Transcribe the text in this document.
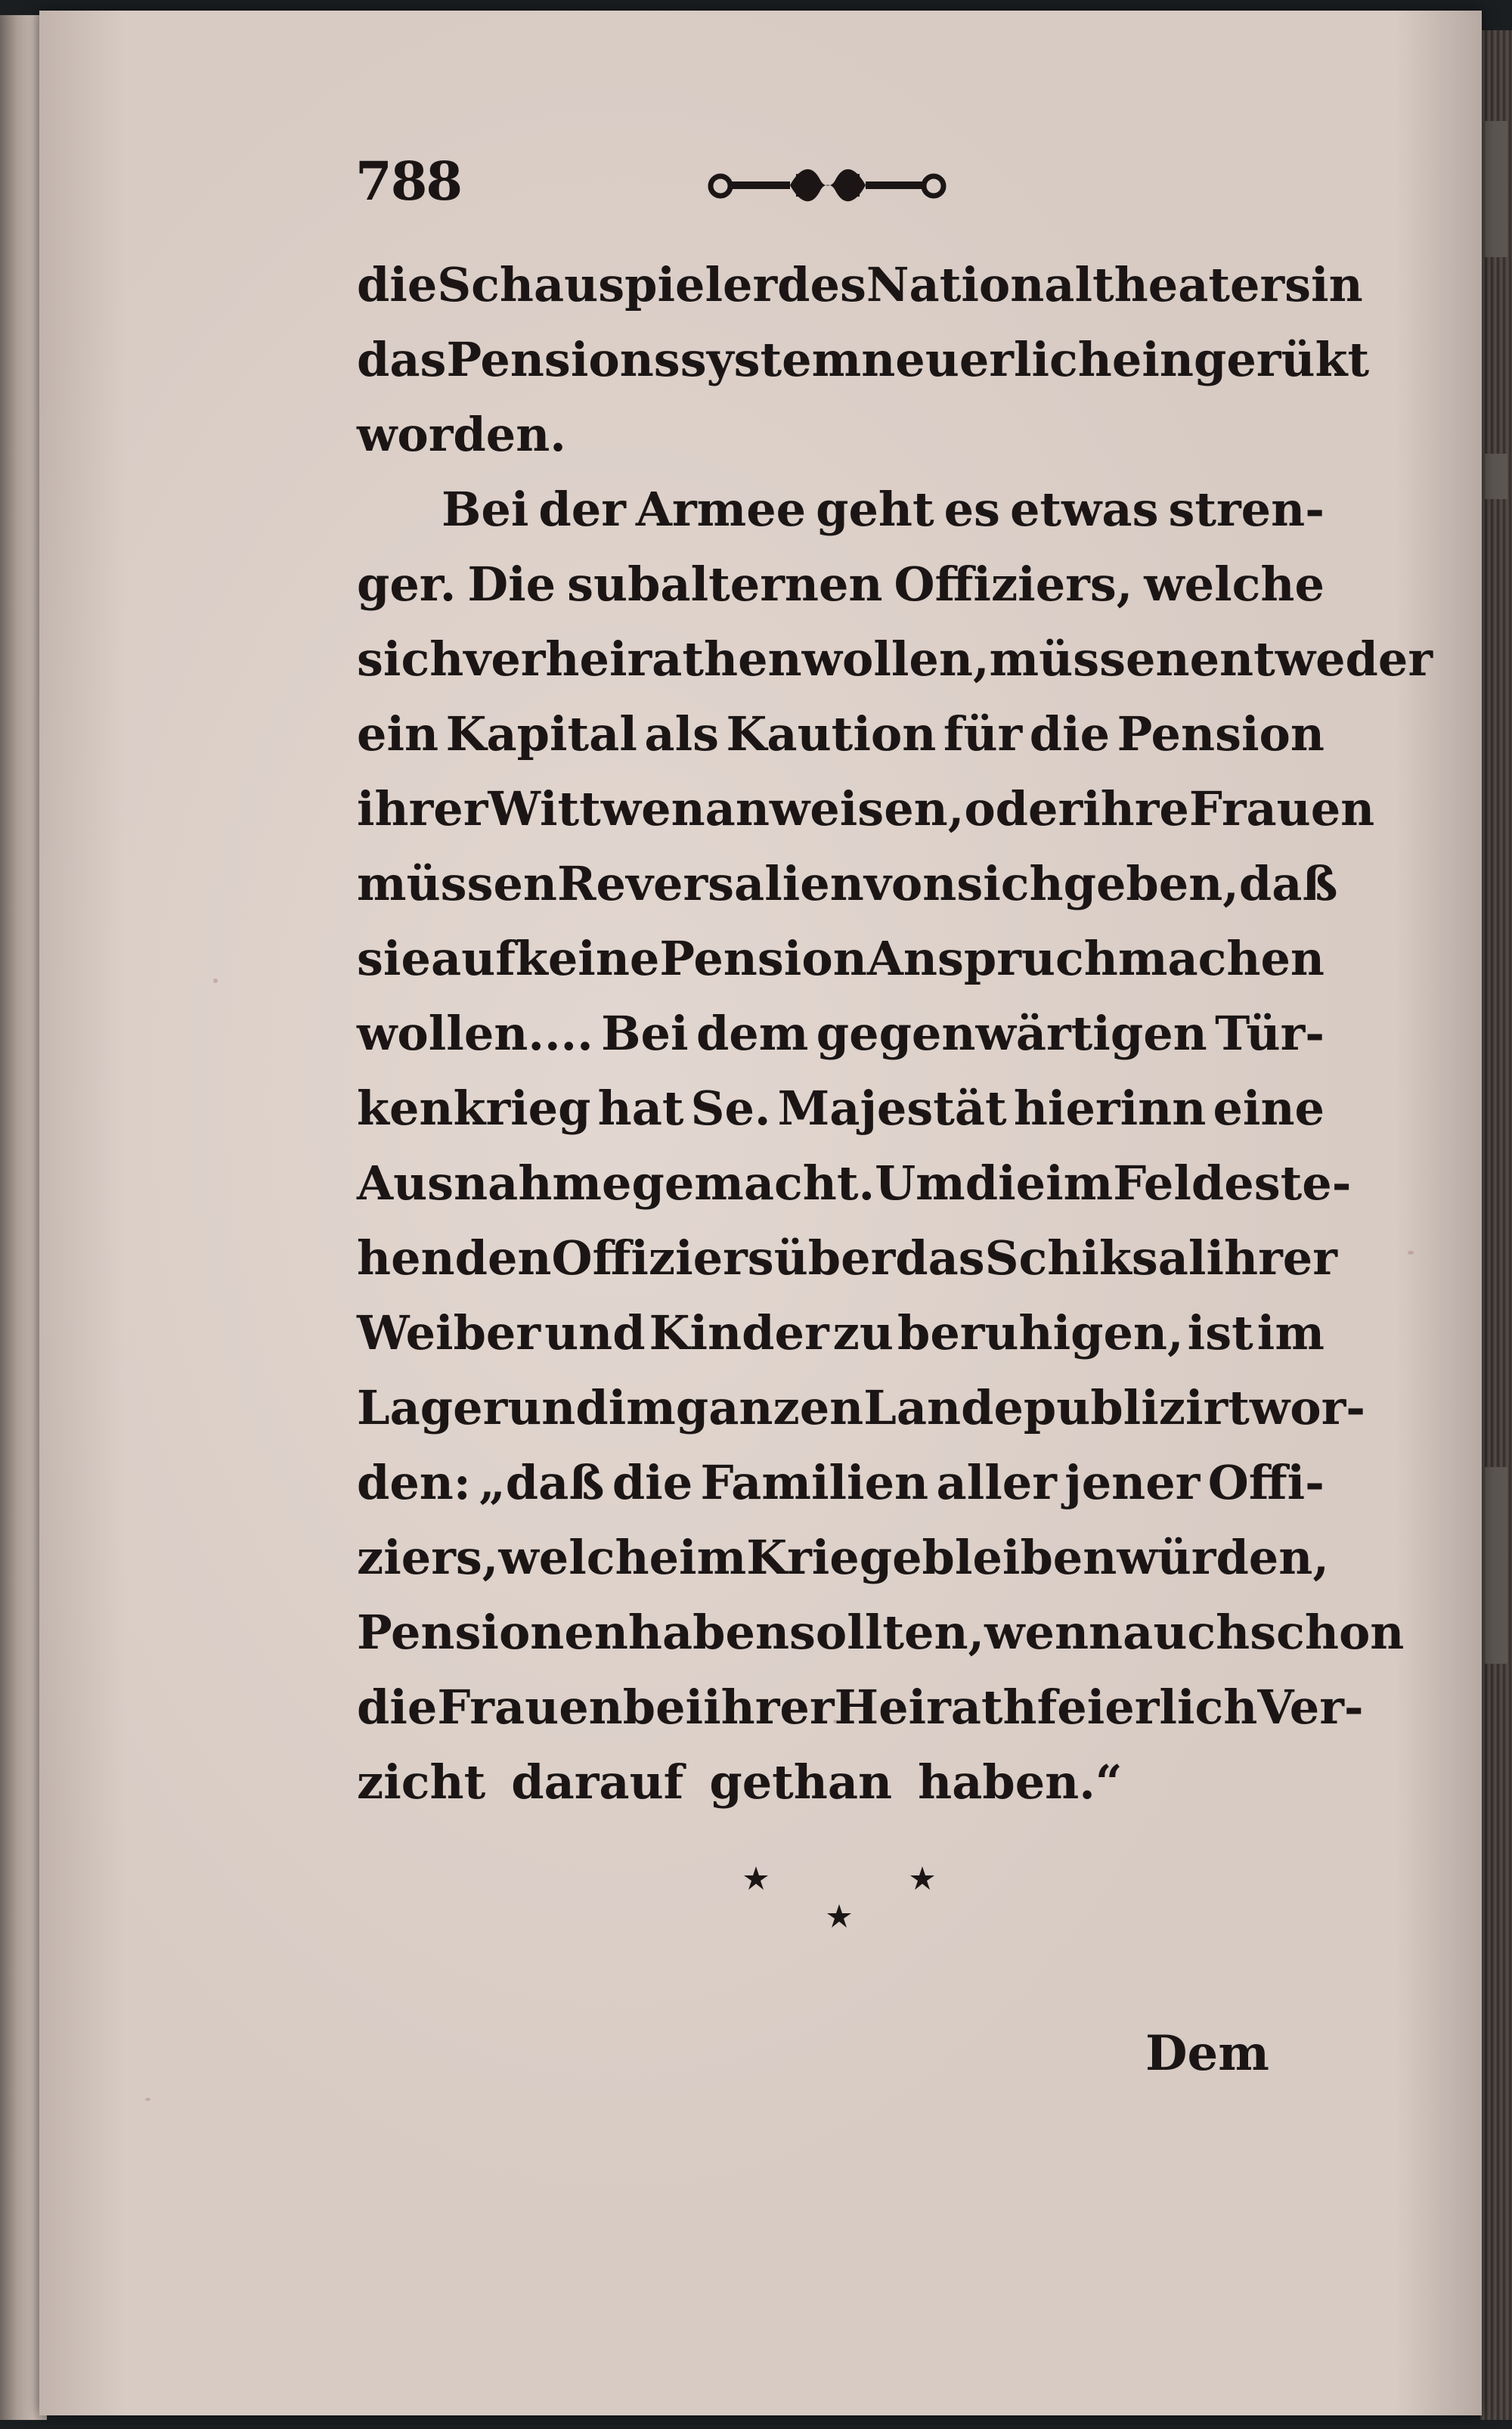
788
die Schauspieler des Nationaltheaters in
das Pensionssystem neuerlich eingerükt
worden.
Bei der Armee geht es etwas stren-
ger. Die subalternen Offiziers, welche
sich verheirathen wollen, müssen entweder
ein Kapital als Kaution für die Pension
ihrer Wittwen anweisen, oder ihre Frauen
müssen Reversalien von sich geben, daß
sie auf keine Pension Anspruch machen
wollen.... Bei dem gegenwärtigen Tür-
kenkrieg hat Se. Majestät hierinn eine
Ausnahme gemacht. Um die im Felde ste-
henden Offiziers über das Schiksal ihrer
Weiber und Kinder zu beruhigen, ist im
Lager und im ganzen Lande publizirt wor-
den: „daß die Familien aller jener Offi-
ziers, welche im Kriege bleiben würden,
Pensionen haben sollten, wenn auch schon
die Frauen bei ihrer Heirath feierlich Ver-
zicht darauf gethan haben.“
Dem
